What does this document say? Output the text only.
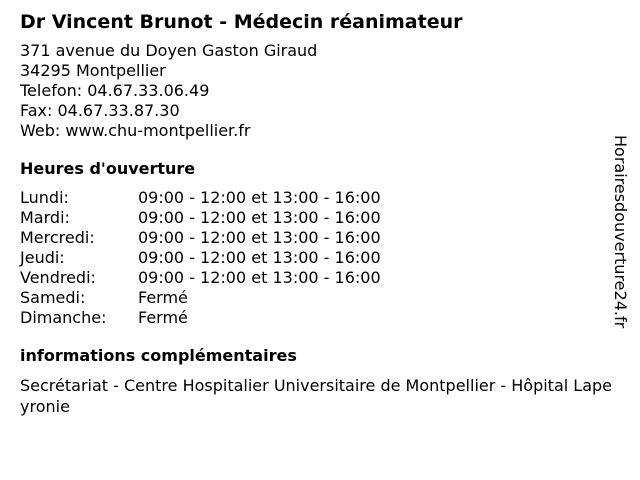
Dr Vincent Brunot - Médecin réanimateur
371 avenue du Doyen Gaston Giraud
34295 Montpellier
Telefon: 04.67.33.06.49
Fax: 04.67.33.87.30
Web: www.chu-montpellier.fr
Heures d'ouverture
Lundi:	09:00 - 12:00 et 13:00 - 16:00
Mardi:	09:00 - 12:00 et 13:00 - 16:00
Mercredi:	09:00 - 12:00 et 13:00 - 16:00
Jeudi:	09:00 - 12:00 et 13:00 - 16:00
Vendredi:	09:00 - 12:00 et 13:00 - 16:00
Samedi:	Fermé
Dimanche:	Fermé
informations complémentaires
Secrétariat - Centre Hospitalier Universitaire de Montpellier - Hôpital Lapeyronie
Horairesdouverture24.fr
